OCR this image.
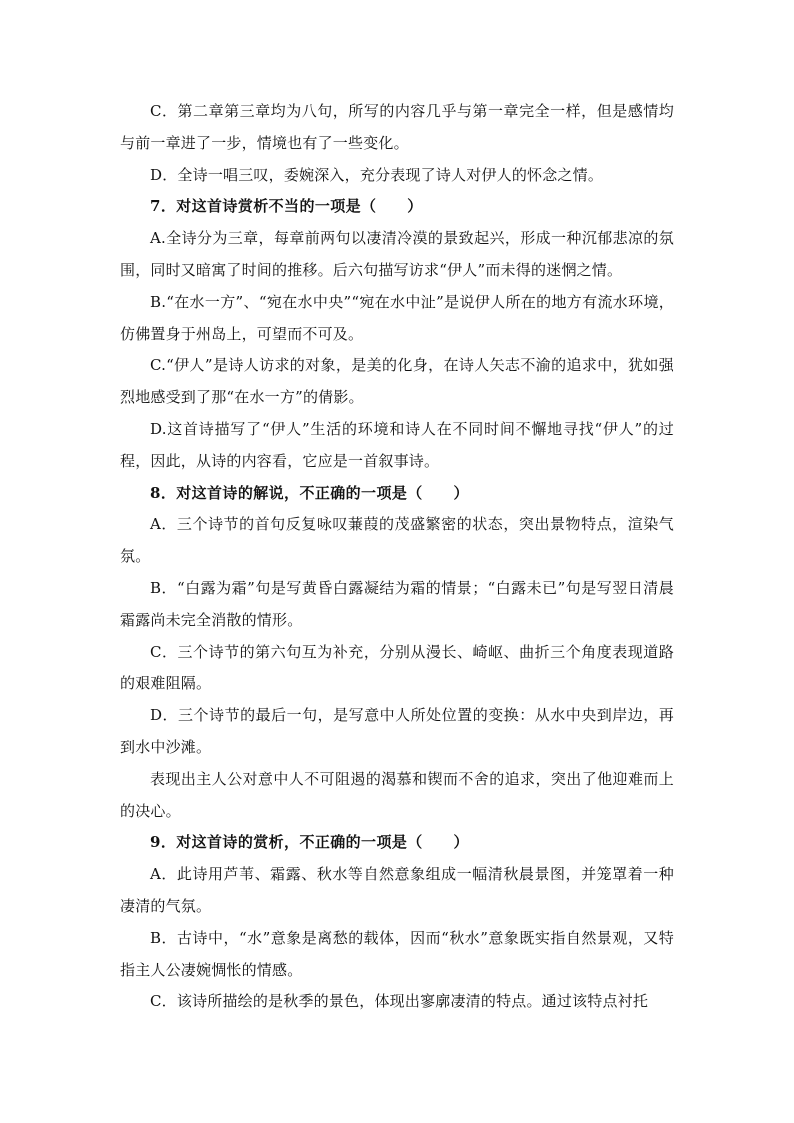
C．第二章第三章均为八句，所写的内容几乎与第一章完全一样，但是感情均与前一章进了一步，情境也有了一些变化。

D．全诗一唱三叹，委婉深入，充分表现了诗人对伊人的怀念之情。

7．对这首诗赏析不当的一项是（　　）

A.全诗分为三章，每章前两句以凄清冷漠的景致起兴，形成一种沉郁悲凉的氛围，同时又暗寓了时间的推移。后六句描写访求“伊人”而未得的迷惘之情。

B.“在水一方”、“宛在水中央”“宛在水中沚”是说伊人所在的地方有流水环境，仿佛置身于州岛上，可望而不可及。

C.“伊人”是诗人访求的对象，是美的化身，在诗人矢志不渝的追求中，犹如强烈地感受到了那“在水一方”的倩影。

D.这首诗描写了“伊人”生活的环境和诗人在不同时间不懈地寻找“伊人”的过程，因此，从诗的内容看，它应是一首叙事诗。

8．对这首诗的解说，不正确的一项是（　　）

A．三个诗节的首句反复咏叹蒹葭的茂盛繁密的状态，突出景物特点，渲染气氛。

B．“白露为霜”句是写黄昏白露凝结为霜的情景；“白露未已”句是写翌日清晨霜露尚未完全消散的情形。

C．三个诗节的第六句互为补充，分别从漫长、崎岖、曲折三个角度表现道路的艰难阻隔。

D．三个诗节的最后一句，是写意中人所处位置的变换：从水中央到岸边，再到水中沙滩。

表现出主人公对意中人不可阻遏的渴慕和锲而不舍的追求，突出了他迎难而上的决心。

9．对这首诗的赏析，不正确的一项是（　　）

A．此诗用芦苇、霜露、秋水等自然意象组成一幅清秋晨景图，并笼罩着一种凄清的气氛。

B．古诗中，“水”意象是离愁的载体，因而“秋水”意象既实指自然景观，又特指主人公凄婉惆怅的情感。

C．该诗所描绘的是秋季的景色，体现出寥廓凄清的特点。通过该特点衬托
